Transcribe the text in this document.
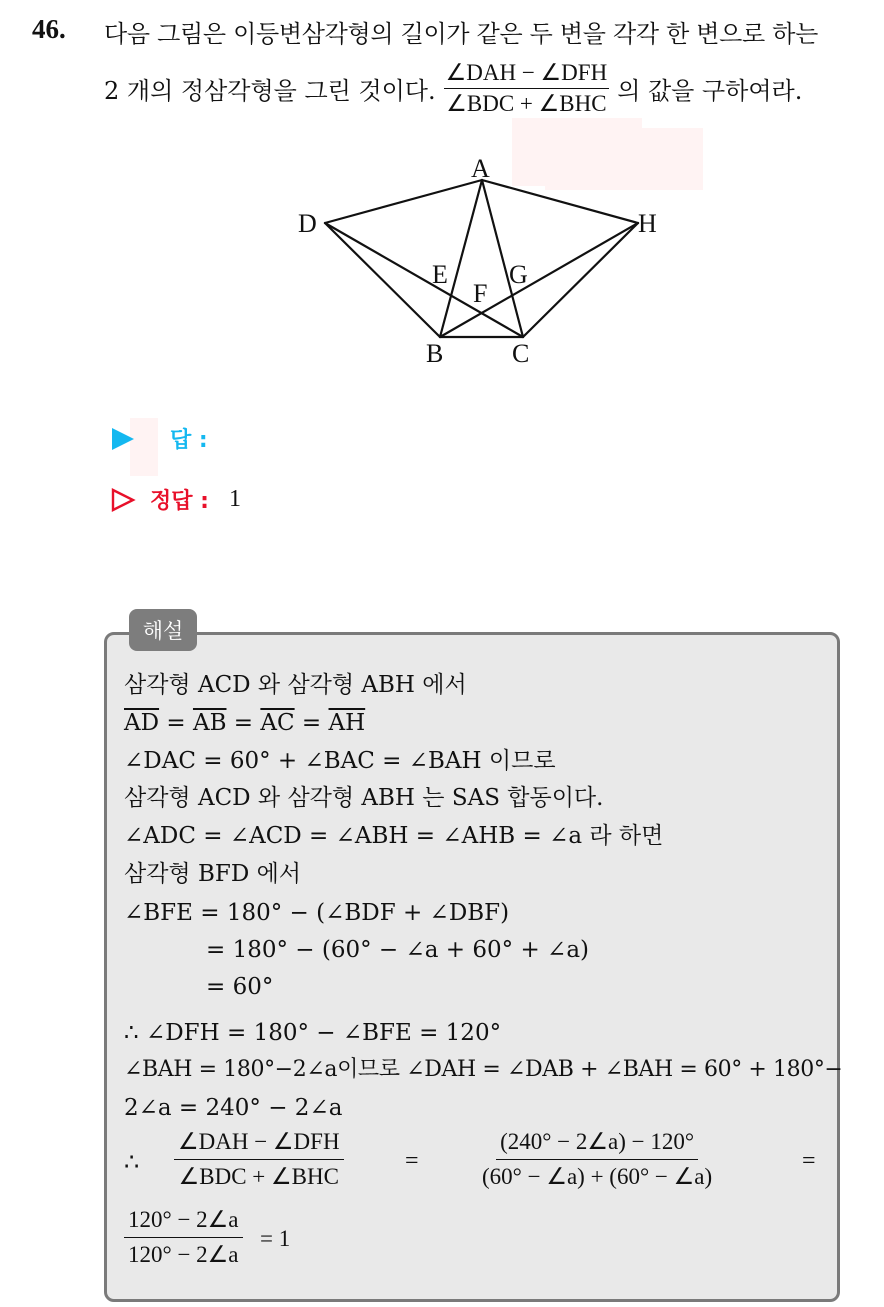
46. 다음 그림은 이등변삼각형의 길이가 같은 두 변을 각각 한 변으로 하는
2 개의 정삼각형을 그린 것이다. $\frac{\text{∠DAH − ∠DFH}}{\text{∠BDC + ∠BHC}}$ 의 값을 구하여라.
A
D	H
E G
F
B	C
답 :
정답 : 1
해설
삼각형 ACD 와 삼각형 ABH 에서
$\overline{AD} = \overline{AB} = \overline{AC} = \overline{AH}$
∠DAC = 60° + ∠BAC = ∠BAH 이므로
삼각형 ACD 와 삼각형 ABH 는 SAS 합동이다.
∠ADC = ∠ACD = ∠ABH = ∠AHB = ∠a 라 하면
삼각형 BFD 에서
∠BFE = 180° − (∠BDF + ∠DBF)
= 180° − (60° − ∠a + 60° + ∠a)
= 60°
∴ ∠DFH = 180° − ∠BFE = 120°
∠BAH = 180°−2∠a이므로 ∠DAH = ∠DAB + ∠BAH = 60° + 180°−
2∠a = 240° − 2∠a
∴
∠DAH − ∠DFH
∠BDC + ∠BHC
=	$\frac{(240^\circ - 2\angle a) - 120^\circ}{(60^\circ - \angle a) + (60^\circ - \angle a)}$	=
$\frac{120^\circ - 2\angle a}{120^\circ - 2\angle a} = 1$
